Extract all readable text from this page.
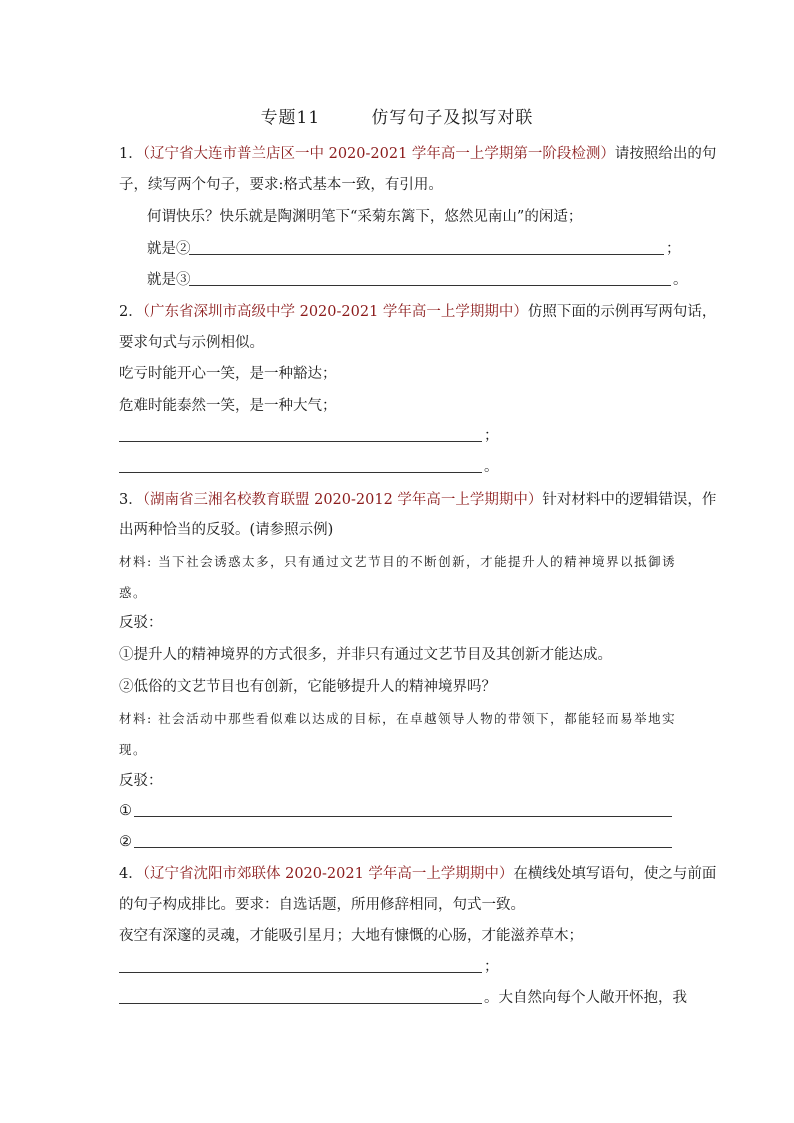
专题11        仿写句子及拟写对联
1．（辽宁省大连市普兰店区一中 2020-2021 学年高一上学期第一阶段检测）请按照给出的句
子，续写两个句子，要求:格式基本一致，有引用。
何谓快乐？快乐就是陶渊明笔下“采菊东篱下，悠然见南山”的闲适；
就是②	；
就是③	。
2．（广东省深圳市高级中学 2020-2021 学年高一上学期期中）仿照下面的示例再写两句话，
要求句式与示例相似。
吃亏时能开心一笑，是一种豁达；
危难时能泰然一笑，是一种大气；
；
。
3．（湖南省三湘名校教育联盟 2020-2012 学年高一上学期期中）针对材料中的逻辑错误，作
出两种恰当的反驳。(请参照示例)
材料: 当下社会诱惑太多，只有通过文艺节目的不断创新，才能提升人的精神境界以抵御诱
惑。
反驳：
①提升人的精神境界的方式很多，并非只有通过文艺节目及其创新才能达成。
②低俗的文艺节目也有创新，它能够提升人的精神境界吗？
材料: 社会活动中那些看似难以达成的目标，在卓越领导人物的带领下，都能轻而易举地实
现。
反驳：
①
②
4．（辽宁省沈阳市郊联体 2020-2021 学年高一上学期期中）在横线处填写语句，使之与前面
的句子构成排比。要求：自选话题，所用修辞相同，句式一致。
夜空有深邃的灵魂，才能吸引星月；大地有慷慨的心肠，才能滋养草木；
；
。大自然向每个人敞开怀抱，我
